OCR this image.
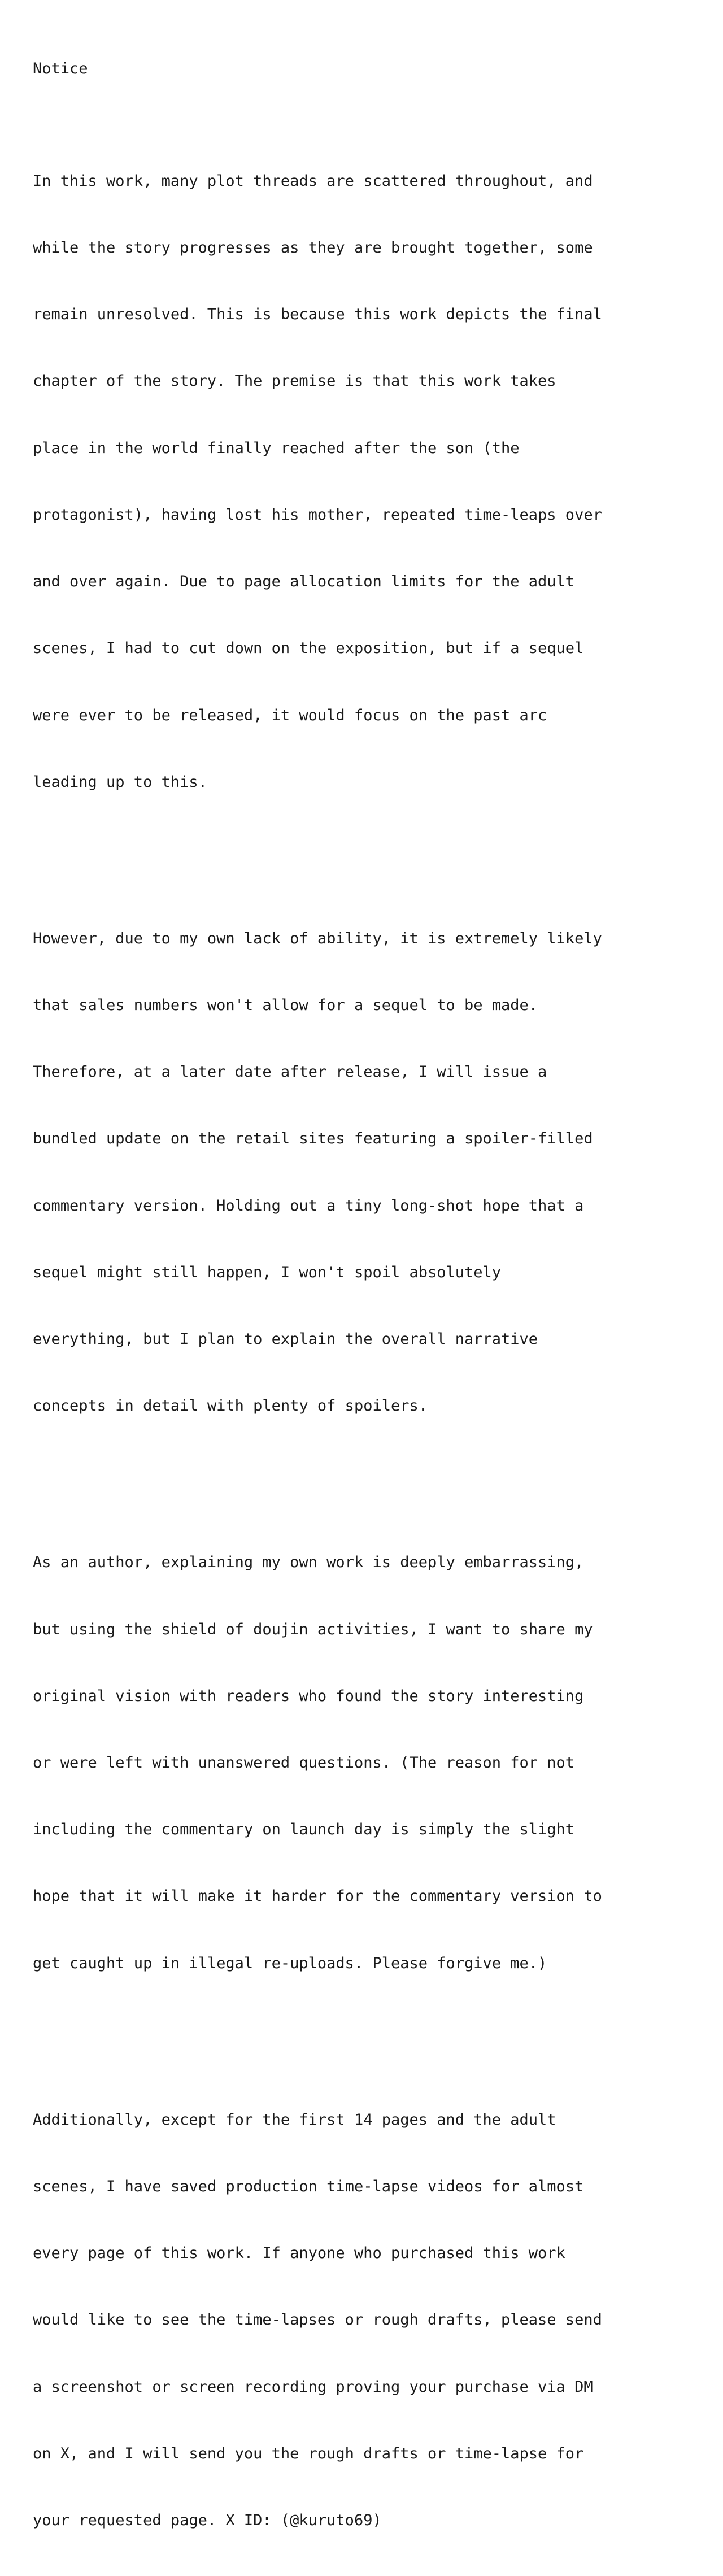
Notice

In this work, many plot threads are scattered throughout, and

while the story progresses as they are brought together, some

remain unresolved. This is because this work depicts the final

chapter of the story. The premise is that this work takes

place in the world finally reached after the son (the

protagonist), having lost his mother, repeated time-leaps over

and over again. Due to page allocation limits for the adult

scenes, I had to cut down on the exposition, but if a sequel

were ever to be released, it would focus on the past arc

leading up to this.

However, due to my own lack of ability, it is extremely likely

that sales numbers won't allow for a sequel to be made.

Therefore, at a later date after release, I will issue a

bundled update on the retail sites featuring a spoiler-filled

commentary version. Holding out a tiny long-shot hope that a

sequel might still happen, I won't spoil absolutely

everything, but I plan to explain the overall narrative

concepts in detail with plenty of spoilers.

As an author, explaining my own work is deeply embarrassing,

but using the shield of doujin activities, I want to share my

original vision with readers who found the story interesting

or were left with unanswered questions. (The reason for not

including the commentary on launch day is simply the slight

hope that it will make it harder for the commentary version to

get caught up in illegal re-uploads. Please forgive me.)

Additionally, except for the first 14 pages and the adult

scenes, I have saved production time-lapse videos for almost

every page of this work. If anyone who purchased this work

would like to see the time-lapses or rough drafts, please send

a screenshot or screen recording proving your purchase via DM

on X, and I will send you the rough drafts or time-lapse for

your requested page. X ID: (@kuruto69)
